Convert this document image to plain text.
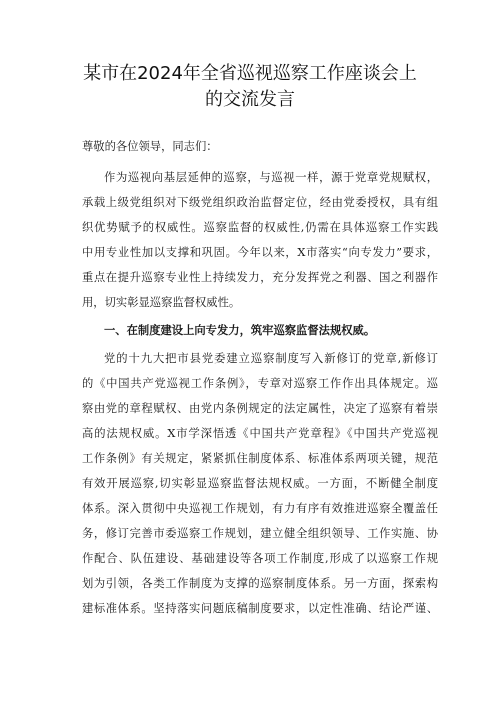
某市在2024年全省巡视巡察工作座谈会上
的交流发言
尊敬的各位领导，同志们：
作为巡视向基层延伸的巡察，与巡视一样，源于党章党规赋权，
承载上级党组织对下级党组织政治监督定位，经由党委授权，具有组
织优势赋予的权威性。巡察监督的权威性,仍需在具体巡察工作实践
中用专业性加以支撑和巩固。今年以来，X市落实“向专发力”要求，
重点在提升巡察专业性上持续发力，充分发挥党之利器、国之利器作
用，切实彰显巡察监督权威性。
一、在制度建设上向专发力，筑牢巡察监督法规权威。
党的十九大把市县党委建立巡察制度写入新修订的党章,新修订
的《中国共产党巡视工作条例》，专章对巡察工作作出具体规定。巡
察由党的章程赋权、由党内条例规定的法定属性，决定了巡察有着崇
高的法规权威。X市学深悟透《中国共产党章程》《中国共产党巡视
工作条例》有关规定，紧紧抓住制度体系、标准体系两项关键，规范
有效开展巡察,切实彰显巡察监督法规权威。一方面，不断健全制度
体系。深入贯彻中央巡视工作规划，有力有序有效推进巡察全覆盖任
务，修订完善市委巡察工作规划，建立健全组织领导、工作实施、协
作配合、队伍建设、基础建设等各项工作制度,形成了以巡察工作规
划为引领，各类工作制度为支撑的巡察制度体系。另一方面，探索构
建标准体系。坚持落实问题底稿制度要求，以定性准确、结论严谨、
